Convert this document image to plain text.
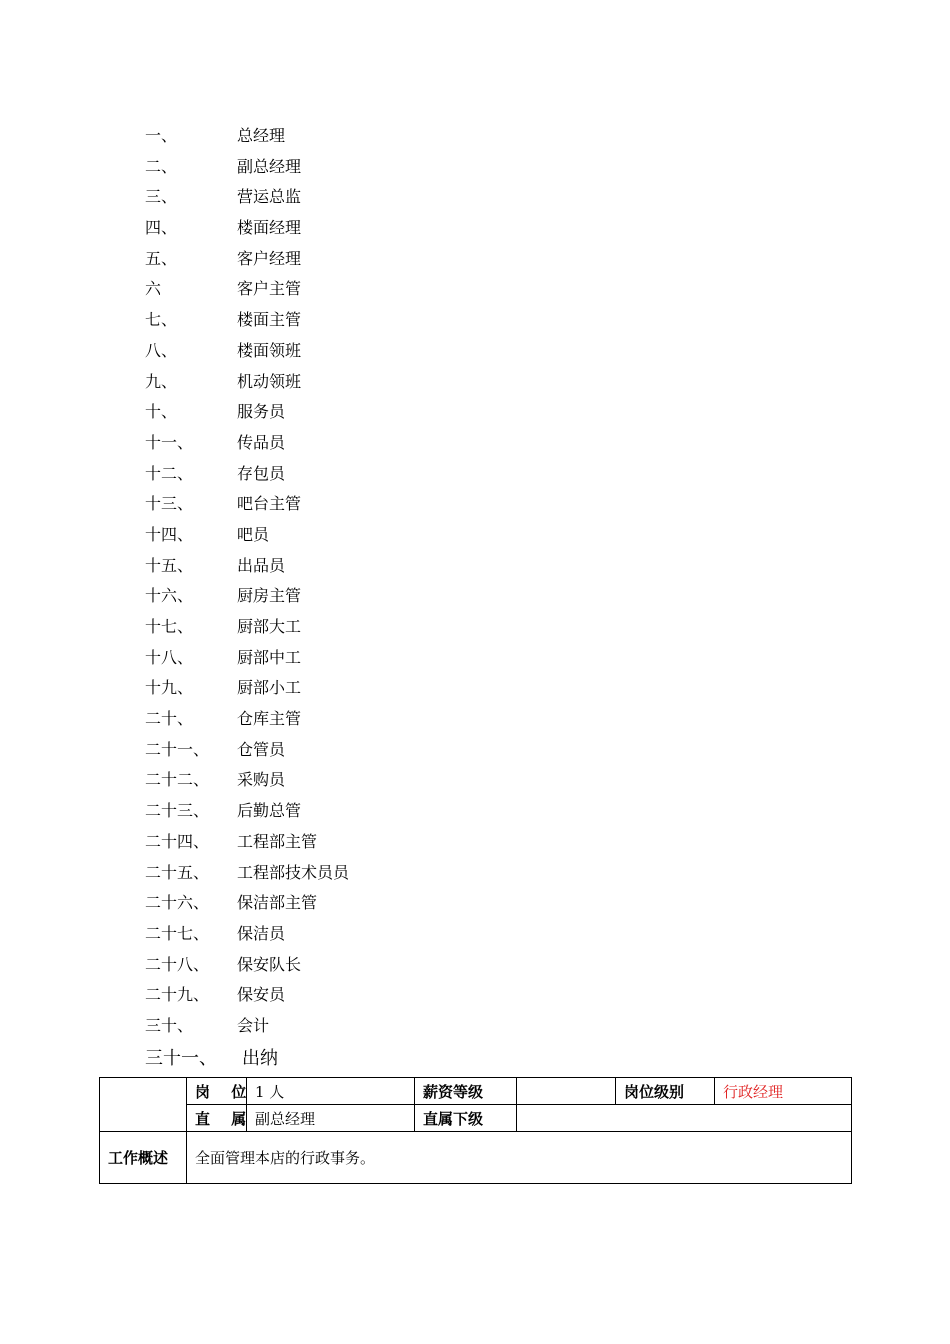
一、	总经理
二、	副总经理
三、	营运总监
四、	楼面经理
五、	客户经理
六	客户主管
七、	楼面主管
八、	楼面领班
九、	机动领班
十、	服务员
十一、	传品员
十二、	存包员
十三、	吧台主管
十四、	吧员
十五、	出品员
十六、	厨房主管
十七、	厨部大工
十八、	厨部中工
十九、	厨部小工
二十、	仓库主管
二十一、 仓管员
二十二、 采购员
二十三、 后勤总管
二十四、 工程部主管
二十五、 工程部技术员员
二十六、 保洁部主管
二十七、 保洁员
二十八、 保安队长
二十九、 保安员
三十、	会计
三十一、 出纳
	岗 位	1 人	薪资等级		岗位级别	行政经理
	直 属	副总经理	直属下级			
工作概述	全面管理本店的行政事务。					
